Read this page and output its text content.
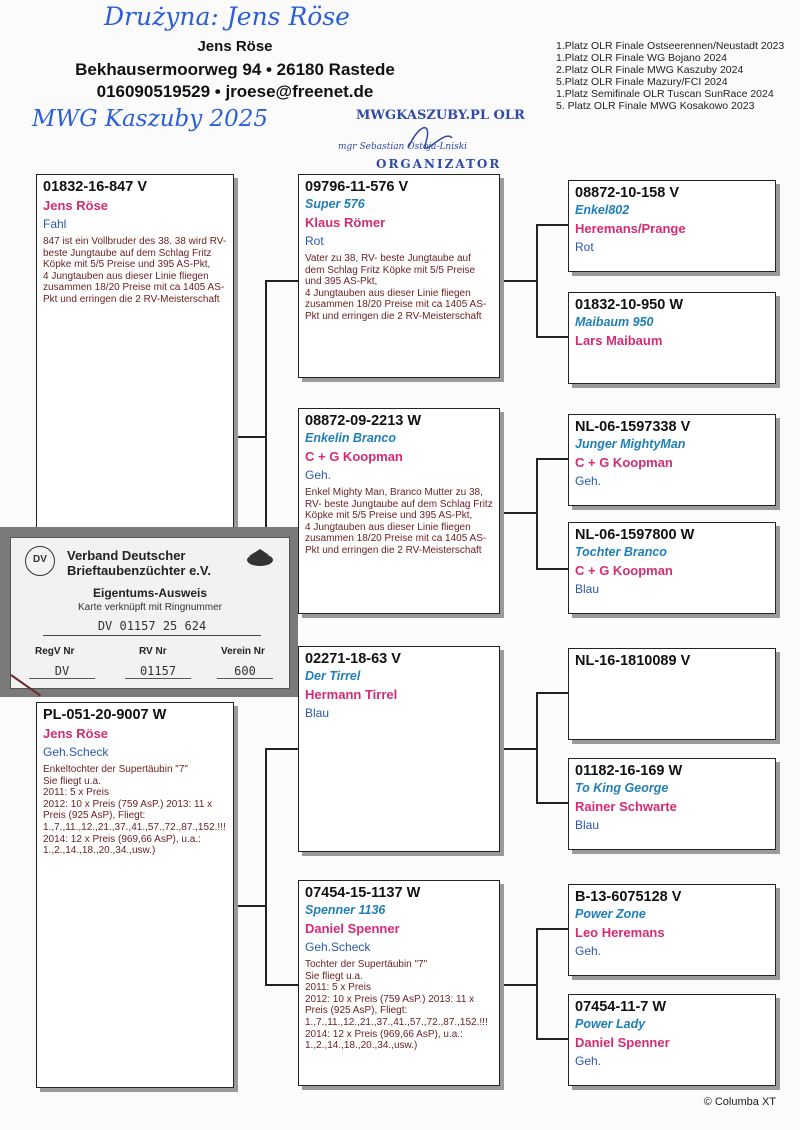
Drużyna: Jens Röse
Jens Röse
Bekhausermoorweg 94 • 26180 Rastede
016090519529 • jroese@freenet.de
MWG Kaszuby 2025	MWGKASZUBY.PL OLR
mgr Sebastian Ostoja-Lniski
ORGANIZATOR
1.Platz OLR Finale Ostseerennen/Neustadt 2023
1.Platz OLR Finale WG Bojano 2024
2.Platz OLR Finale MWG Kaszuby 2024
5.Platz OLR Finale Mazury/FCI 2024
1.Platz Semifinale OLR Tuscan SunRace 2024
5. Platz OLR Finale MWG Kosakowo 2023
01832-16-847 V
Jens Röse
Fahl
847 ist ein Vollbruder des 38. 38 wird RV- beste Jungtaube auf dem Schlag Fritz Köpke mit 5/5 Preise und 395 AS-Pkt,
4 Jungtauben aus dieser Linie fliegen zusammen 18/20 Preise mit ca 1405 AS-Pkt und erringen die 2 RV-Meisterschaft
PL-051-20-9007 W
Jens Röse
Geh.Scheck
Enkeltochter der Supertäubin "7"
Sie fliegt u.a.
2011: 5 x Preis
2012: 10 x Preis (759 AsP.) 2013: 11 x Preis (925 AsP), Fliegt: 1.,7.,11.,12.,21.,37.,41.,57.,72.,87.,152.!!!
2014: 12 x Preis (969,66 AsP), u.a.: 1.,2.,14.,18.,20.,34.,usw.)
09796-11-576 V
Super 576
Klaus Römer
Rot
Vater zu 38, RV- beste Jungtaube auf dem Schlag Fritz Köpke mit 5/5 Preise und 395 AS-Pkt,
4 Jungtauben aus dieser Linie fliegen zusammen 18/20 Preise mit ca 1405 AS-Pkt und erringen die 2 RV-Meisterschaft
08872-09-2213 W
Enkelin Branco
C + G Koopman
Geh.
Enkel Mighty Man, Branco Mutter zu 38, RV- beste Jungtaube auf dem Schlag Fritz Köpke mit 5/5 Preise und 395 AS-Pkt,
4 Jungtauben aus dieser Linie fliegen zusammen 18/20 Preise mit ca 1405 AS-Pkt und erringen die 2 RV-Meisterschaft
02271-18-63 V
Der Tirrel
Hermann Tirrel
Blau
07454-15-1137 W
Spenner 1136
Daniel Spenner
Geh.Scheck
Tochter der Supertäubin "7"
Sie fliegt u.a.
2011: 5 x Preis
2012: 10 x Preis (759 AsP.) 2013: 11 x Preis (925 AsP), Fliegt: 1.,7.,11.,12.,21.,37.,41.,57.,72.,87.,152.!!!
2014: 12 x Preis (969,66 AsP), u.a.: 1.,2.,14.,18.,20.,34.,usw.)
08872-10-158 V
Enkel802
Heremans/Prange
Rot
01832-10-950 W
Maibaum 950
Lars Maibaum
NL-06-1597338 V
Junger MightyMan
C + G Koopman
Geh.
NL-06-1597800 W
Tochter Branco
C + G Koopman
Blau
NL-16-1810089 V
01182-16-169 W
To King George
Rainer Schwarte
Blau
B-13-6075128 V
Power Zone
Leo Heremans
Geh.
07454-11-7 W
Power Lady
Daniel Spenner
Geh.
DV	Verband Deutscher
Brieftaubenzüchter e.V.
Eigentums-Ausweis
Karte verknüpft mit Ringnummer
DV 01157 25 624
RegV Nr	RV Nr	Verein Nr
DV	01157	600
© Columba XT
